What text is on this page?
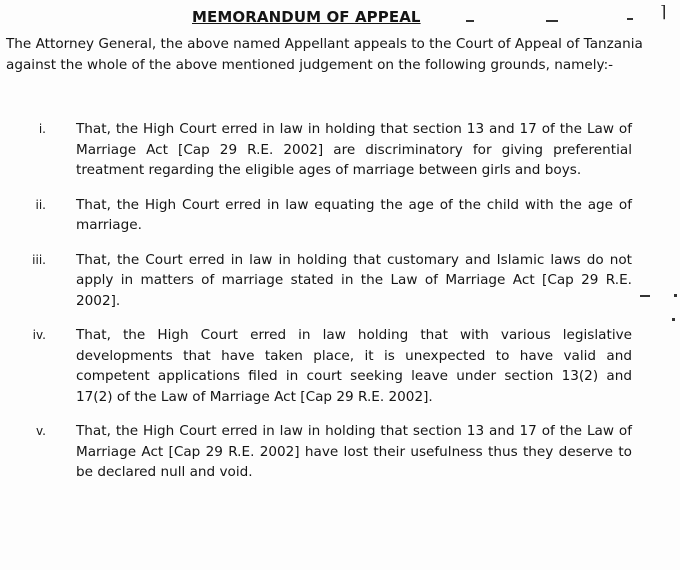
MEMORANDUM OF APPEAL

The Attorney General, the above named Appellant appeals to the Court of Appeal of Tanzania against the whole of the above mentioned judgement on the following grounds, namely:-

i. That, the High Court erred in law in holding that section 13 and 17 of the Law of Marriage Act [Cap 29 R.E. 2002] are discriminatory for giving preferential treatment regarding the eligible ages of marriage between girls and boys.
ii. That, the High Court erred in law equating the age of the child with the age of marriage.
iii. That, the Court erred in law in holding that customary and Islamic laws do not apply in matters of marriage stated in the Law of Marriage Act [Cap 29 R.E. 2002].
iv. That, the High Court erred in law holding that with various legislative developments that have taken place, it is unexpected to have valid and competent applications filed in court seeking leave under section 13(2) and 17(2) of the Law of Marriage Act [Cap 29 R.E. 2002].
v. That, the High Court erred in law in holding that section 13 and 17 of the Law of Marriage Act [Cap 29 R.E. 2002] have lost their usefulness thus they deserve to be declared null and void.
⌉
